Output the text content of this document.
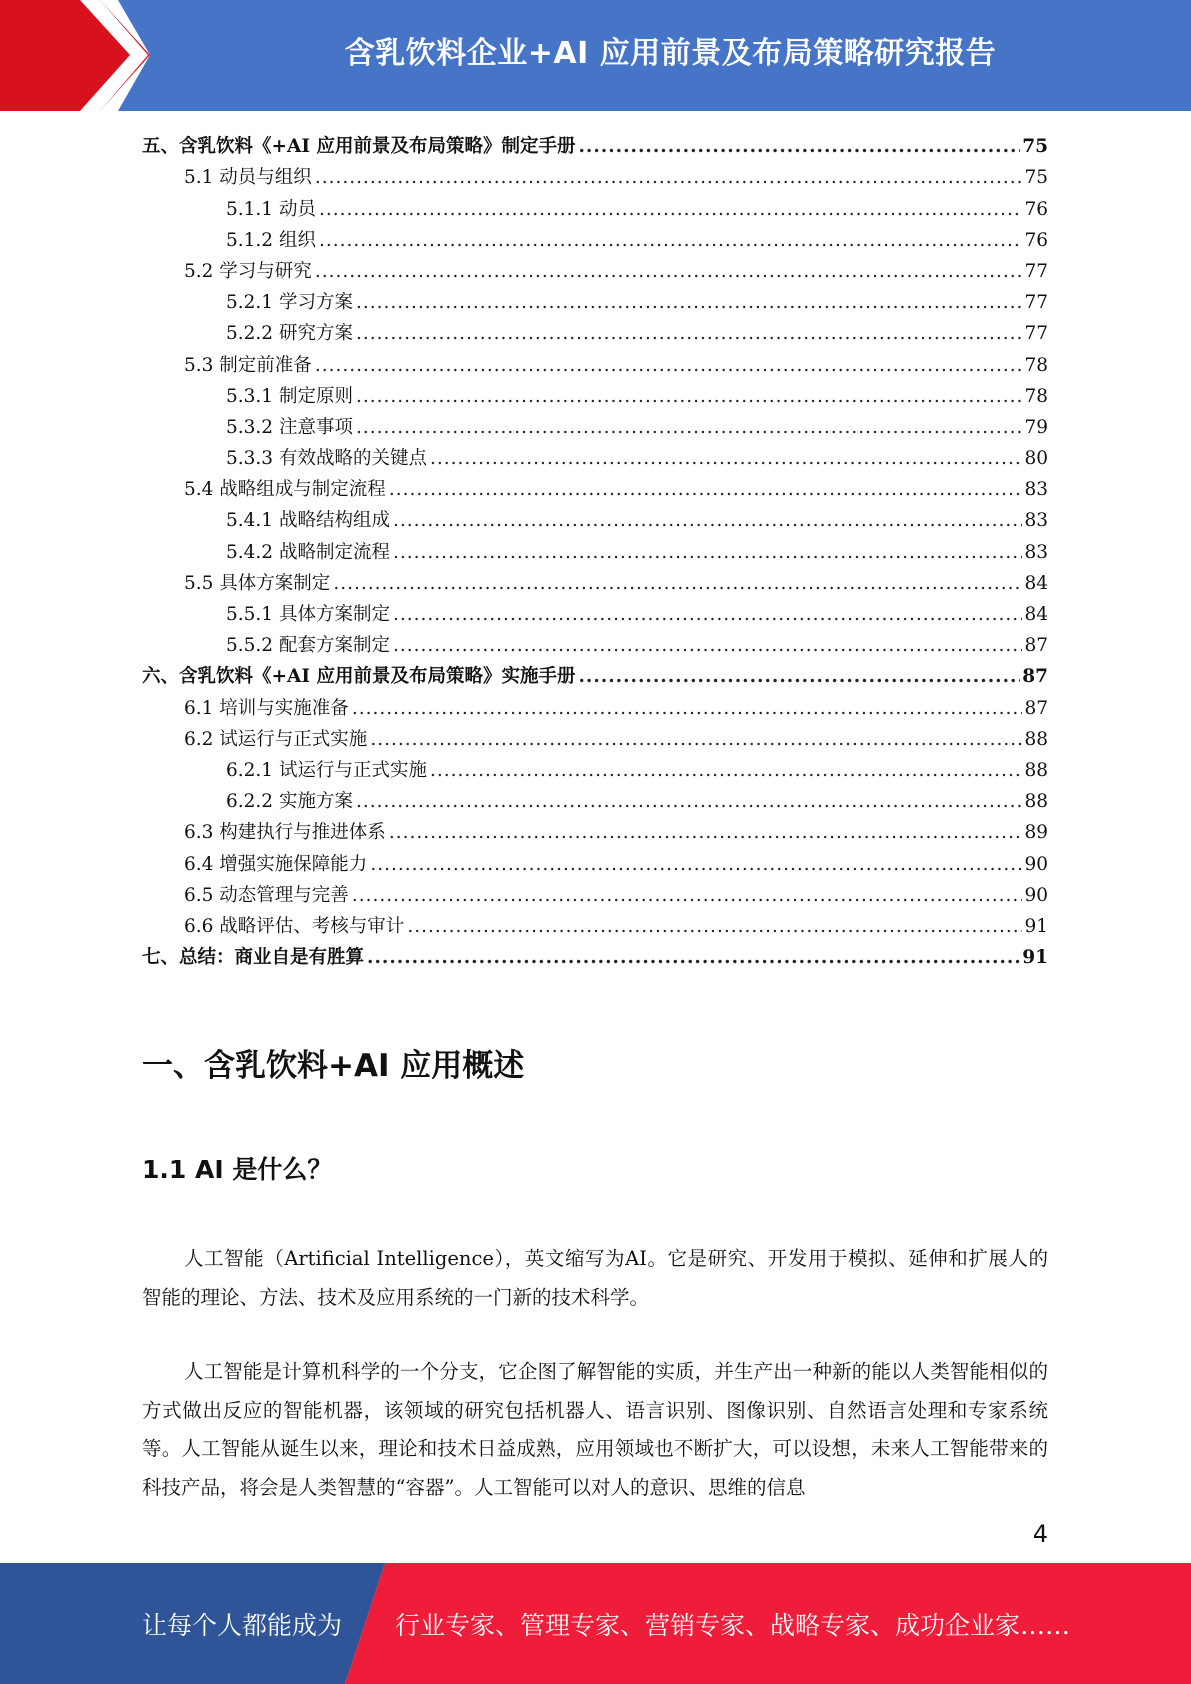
含乳饮料企业+AI 应用前景及布局策略研究报告
五、含乳饮料《+AI 应用前景及布局策略》制定手册 .....	75
5.1 动员与组织 .....	75
5.1.1 动员 .....	76
5.1.2 组织 .....	76
5.2 学习与研究 .....	77
5.2.1 学习方案 .....	77
5.2.2 研究方案 .....	77
5.3 制定前准备 .....	78
5.3.1 制定原则 .....	78
5.3.2 注意事项 .....	79
5.3.3 有效战略的关键点 .....	80
5.4 战略组成与制定流程 .....	83
5.4.1 战略结构组成 .....	83
5.4.2 战略制定流程 .....	83
5.5 具体方案制定 .....	84
5.5.1 具体方案制定 .....	84
5.5.2 配套方案制定 .....	87
六、含乳饮料《+AI 应用前景及布局策略》实施手册 .....	87
6.1 培训与实施准备 .....	87
6.2 试运行与正式实施 .....	88
6.2.1 试运行与正式实施 .....	88
6.2.2 实施方案 .....	88
6.3 构建执行与推进体系 .....	89
6.4 增强实施保障能力 .....	90
6.5 动态管理与完善 .....	90
6.6 战略评估、考核与审计 .....	91
七、总结：商业自是有胜算 .....	91
一、含乳饮料+AI 应用概述
1.1 AI 是什么？

人工智能（Artificial Intelligence），英文缩写为AI。它是研究、开发用于模拟、延伸和扩展人的智能的理论、方法、技术及应用系统的一门新的技术科学。

人工智能是计算机科学的一个分支，它企图了解智能的实质，并生产出一种新的能以人类智能相似的方式做出反应的智能机器，该领域的研究包括机器人、语言识别、图像识别、自然语言处理和专家系统等。人工智能从诞生以来，理论和技术日益成熟，应用领域也不断扩大，可以设想，未来人工智能带来的科技产品，将会是人类智慧的“容器”。人工智能可以对人的意识、思维的信息

4
让每个人都能成为 行业专家、管理专家、营销专家、战略专家、成功企业家……
